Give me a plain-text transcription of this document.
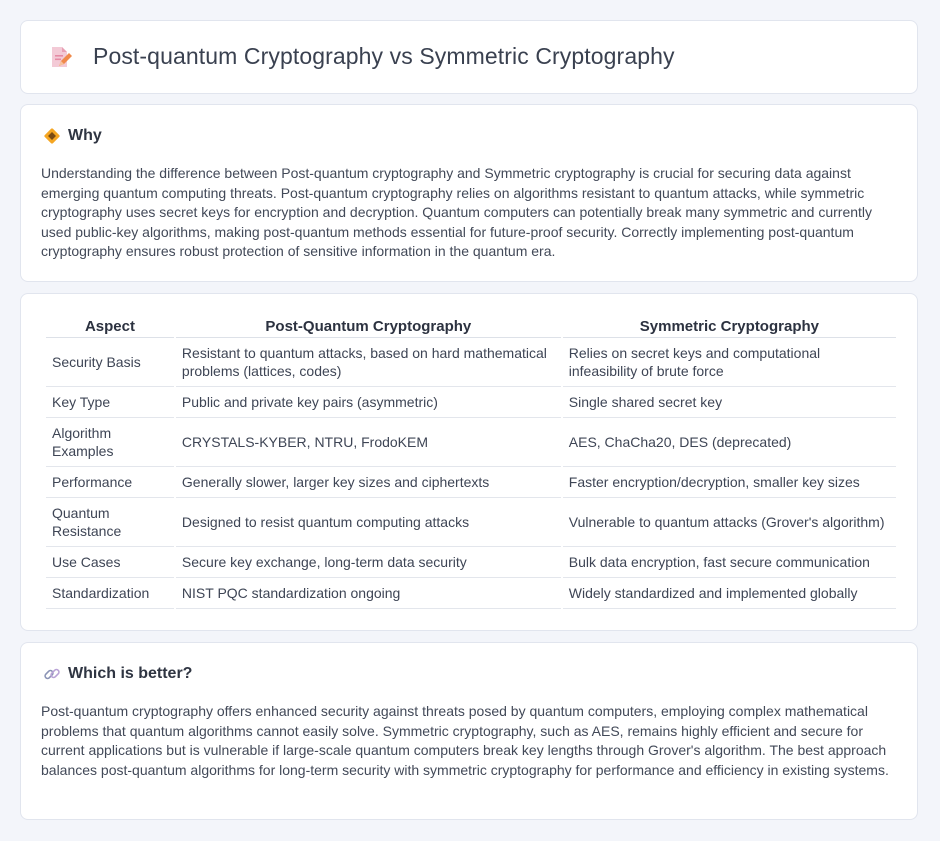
Post-quantum Cryptography vs Symmetric Cryptography
Why

Understanding the difference between Post-quantum cryptography and Symmetric cryptography is crucial for securing data against emerging quantum computing threats. Post-quantum cryptography relies on algorithms resistant to quantum attacks, while symmetric cryptography uses secret keys for encryption and decryption. Quantum computers can potentially break many symmetric and currently used public-key algorithms, making post-quantum methods essential for future-proof security. Correctly implementing post-quantum cryptography ensures robust protection of sensitive information in the quantum era.

Aspect	Post-Quantum Cryptography	Symmetric Cryptography
Security Basis	Resistant to quantum attacks, based on hard mathematical problems (lattices, codes)	Relies on secret keys and computational infeasibility of brute force
Key Type	Public and private key pairs (asymmetric)	Single shared secret key
Algorithm Examples	CRYSTALS-KYBER, NTRU, FrodoKEM	AES, ChaCha20, DES (deprecated)
Performance	Generally slower, larger key sizes and ciphertexts	Faster encryption/decryption, smaller key sizes
Quantum Resistance	Designed to resist quantum computing attacks	Vulnerable to quantum attacks (Grover's algorithm)
Use Cases	Secure key exchange, long-term data security	Bulk data encryption, fast secure communication
Standardization	NIST PQC standardization ongoing	Widely standardized and implemented globally
Which is better?

Post-quantum cryptography offers enhanced security against threats posed by quantum computers, employing complex mathematical problems that quantum algorithms cannot easily solve. Symmetric cryptography, such as AES, remains highly efficient and secure for current applications but is vulnerable if large-scale quantum computers break key lengths through Grover's algorithm. The best approach balances post-quantum algorithms for long-term security with symmetric cryptography for performance and efficiency in existing systems.
